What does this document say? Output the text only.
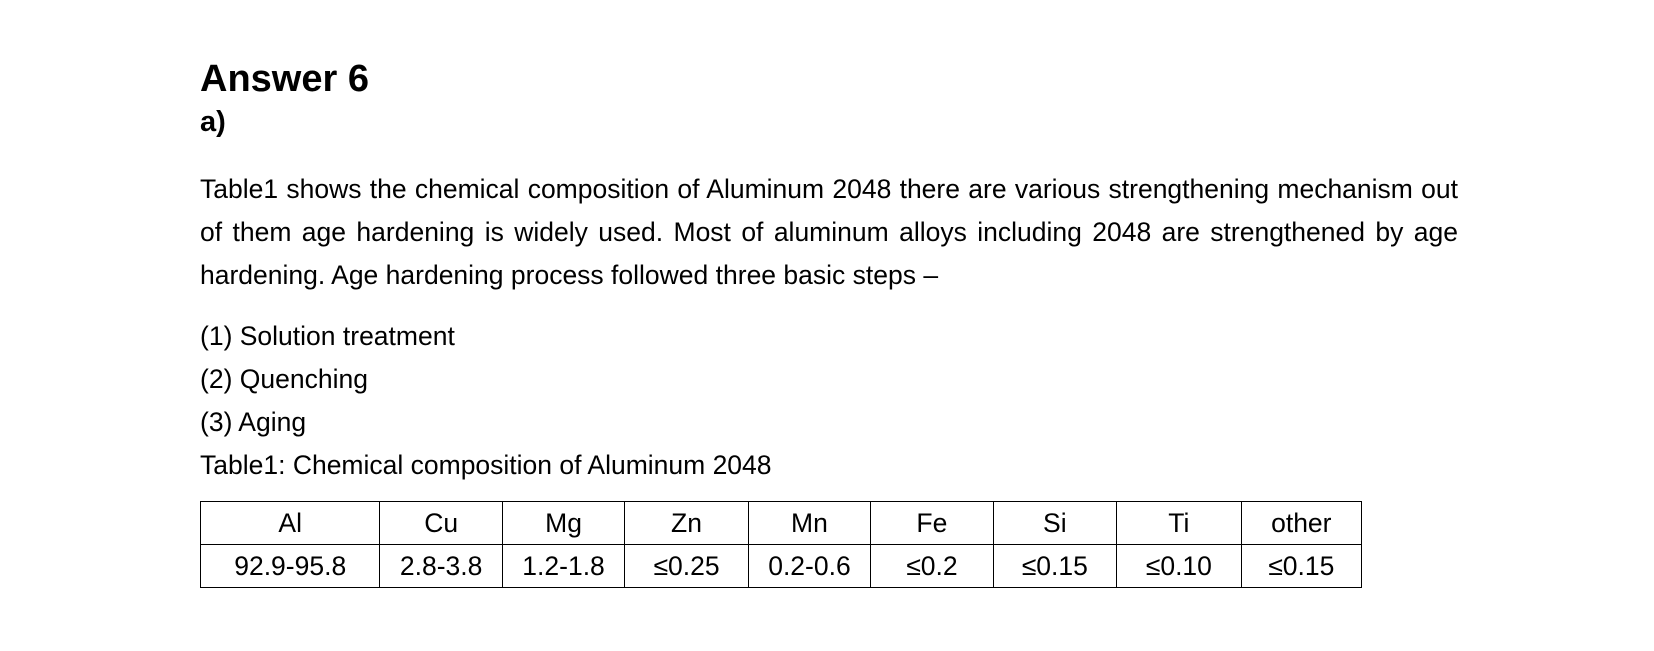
Answer 6
a)

Table1 shows the chemical composition of Aluminum 2048 there are various strengthening mechanism out of them age hardening is widely used. Most of aluminum alloys including 2048 are strengthened by age hardening. Age hardening process followed three basic steps –

(1) Solution treatment
(2) Quenching
(3) Aging

Table1: Chemical composition of Aluminum 2048

Al	Cu	Mg	Zn	Mn	Fe	Si	Ti	other
92.9-95.8	2.8-3.8	1.2-1.8	≤0.25	0.2-0.6	≤0.2	≤0.15	≤0.10	≤0.15
